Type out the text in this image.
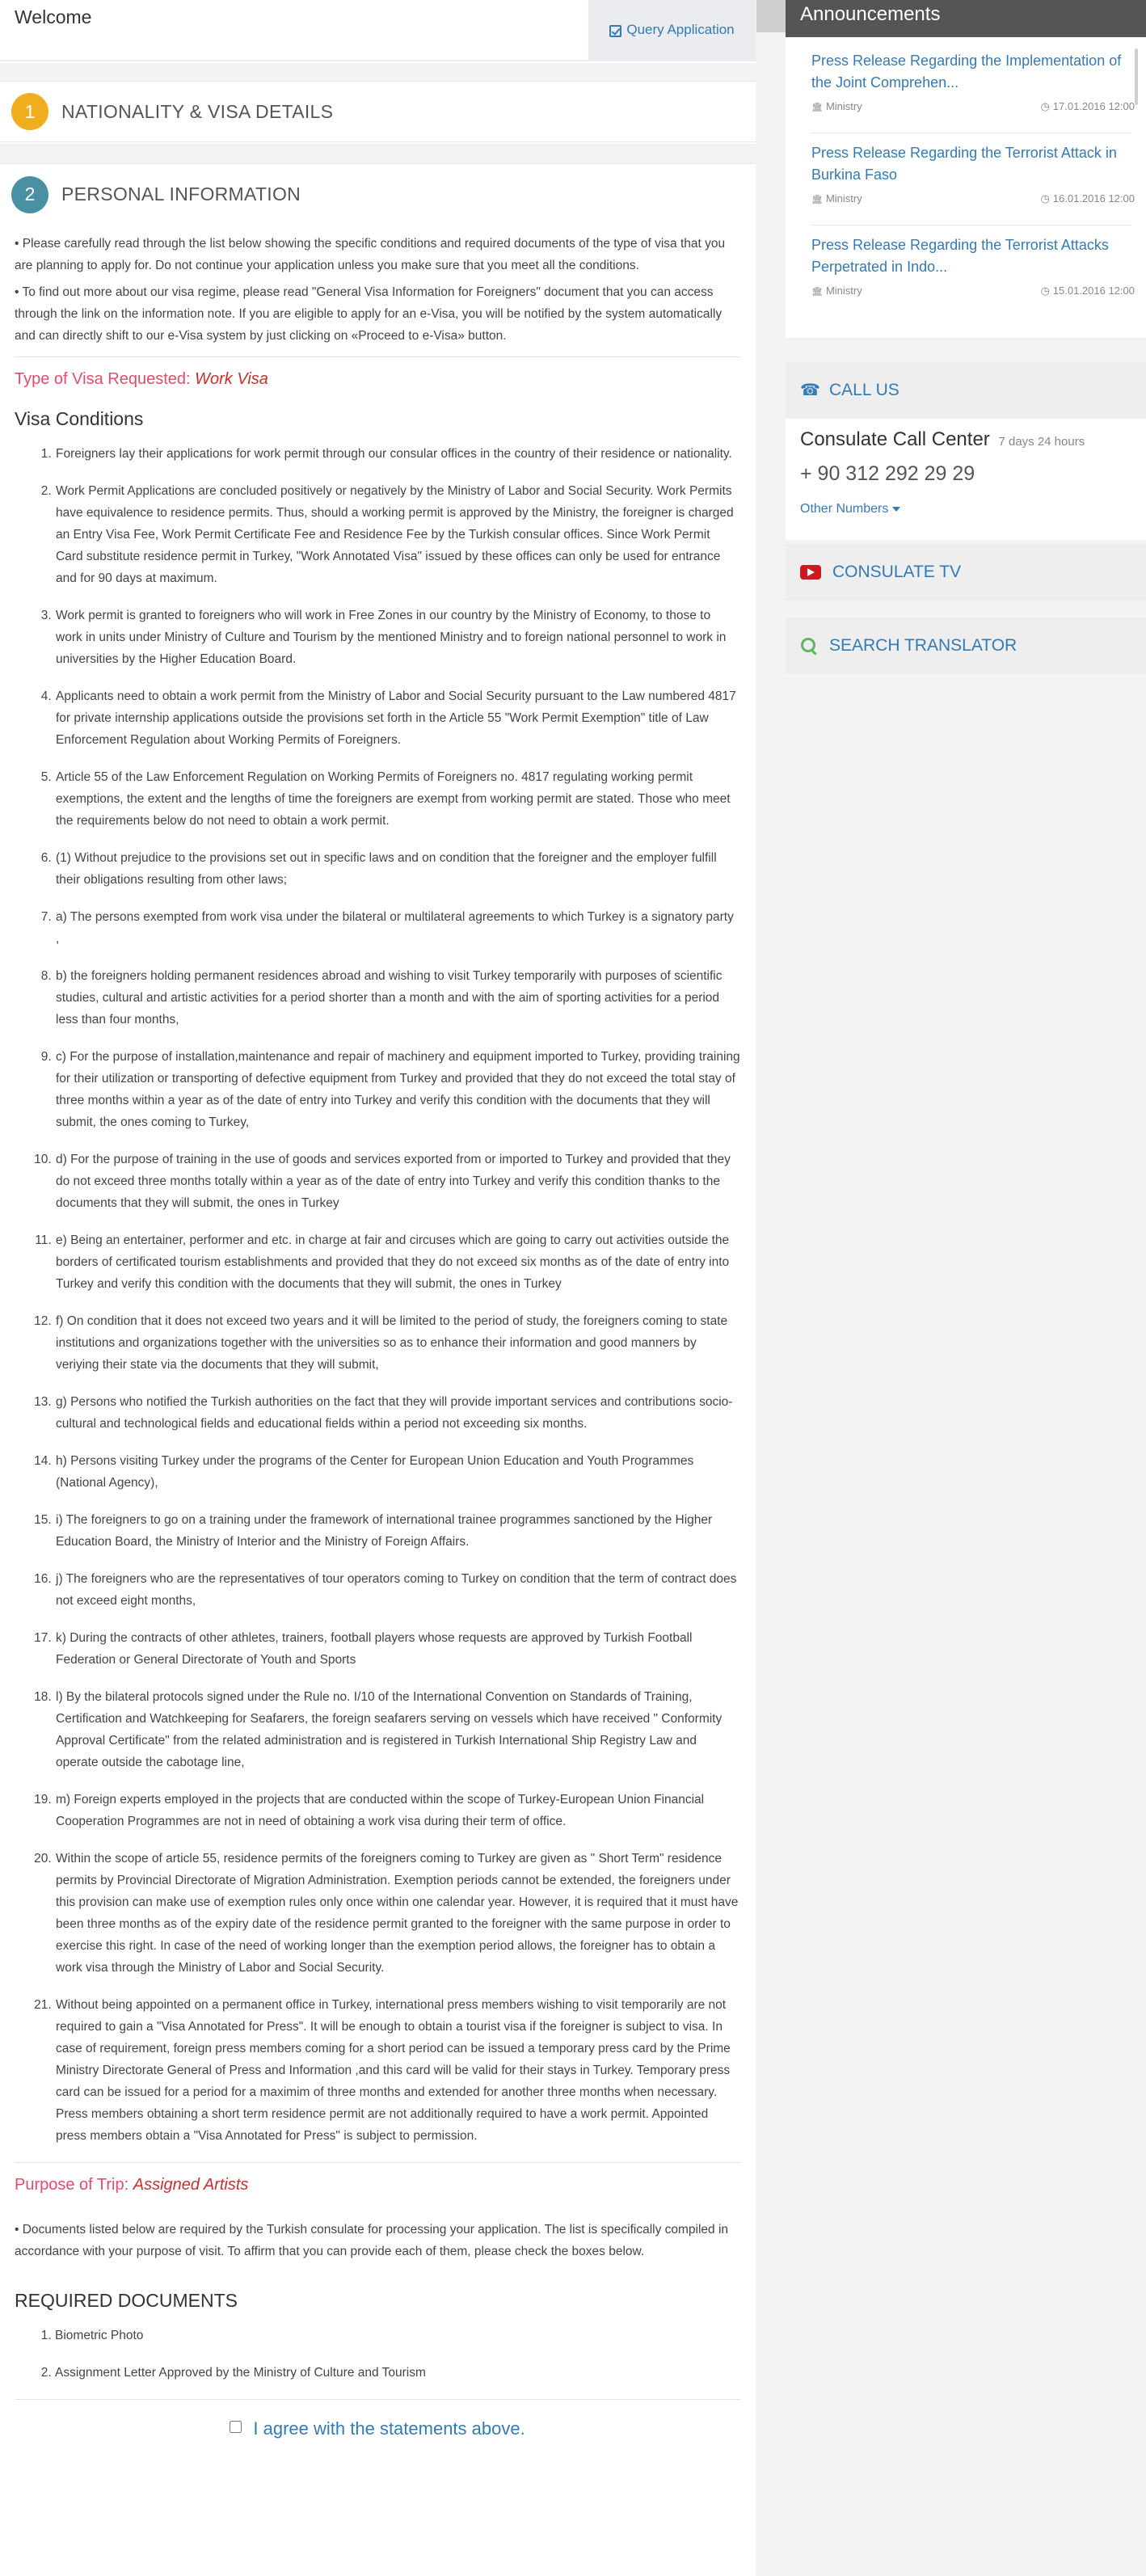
Welcome
Query Application
1	NATIONALITY & VISA DETAILS
2	PERSONAL INFORMATION

• Please carefully read through the list below showing the specific conditions and required documents of the type of visa that you are planning to apply for. Do not continue your application unless you make sure that you meet all the conditions.

• To find out more about our visa regime, please read "General Visa Information for Foreigners" document that you can access through the link on the information note. If you are eligible to apply for an e-Visa, you will be notified by the system automatically and can directly shift to our e-Visa system by just clicking on «Proceed to e-Visa» button.

Type of Visa Requested: Work Visa
Visa Conditions
1. Foreigners lay their applications for work permit through our consular offices in the country of their residence or nationality.
2. Work Permit Applications are concluded positively or negatively by the Ministry of Labor and Social Security. Work Permits have equivalence to residence permits. Thus, should a working permit is approved by the Ministry, the foreigner is charged an Entry Visa Fee, Work Permit Certificate Fee and Residence Fee by the Turkish consular offices. Since Work Permit Card substitute residence permit in Turkey, "Work Annotated Visa" issued by these offices can only be used for entrance and for 90 days at maximum.
3. Work permit is granted to foreigners who will work in Free Zones in our country by the Ministry of Economy, to those to work in units under Ministry of Culture and Tourism by the mentioned Ministry and to foreign national personnel to work in universities by the Higher Education Board.
4. Applicants need to obtain a work permit from the Ministry of Labor and Social Security pursuant to the Law numbered 4817 for private internship applications outside the provisions set forth in the Article 55 "Work Permit Exemption" title of Law Enforcement Regulation about Working Permits of Foreigners.
5. Article 55 of the Law Enforcement Regulation on Working Permits of Foreigners no. 4817 regulating working permit exemptions, the extent and the lengths of time the foreigners are exempt from working permit are stated. Those who meet the requirements below do not need to obtain a work permit.
6. (1) Without prejudice to the provisions set out in specific laws and on condition that the foreigner and the employer fulfill their obligations resulting from other laws;
7. a) The persons exempted from work visa under the bilateral or multilateral agreements to which Turkey is a signatory party ,
8. b) the foreigners holding permanent residences abroad and wishing to visit Turkey temporarily with purposes of scientific studies, cultural and artistic activities for a period shorter than a month and with the aim of sporting activities for a period less than four months,
9. c) For the purpose of installation,maintenance and repair of machinery and equipment imported to Turkey, providing training for their utilization or transporting of defective equipment from Turkey and provided that they do not exceed the total stay of three months within a year as of the date of entry into Turkey and verify this condition with the documents that they will submit, the ones coming to Turkey,
10. d) For the purpose of training in the use of goods and services exported from or imported to Turkey and provided that they do not exceed three months totally within a year as of the date of entry into Turkey and verify this condition thanks to the documents that they will submit, the ones in Turkey
11. e) Being an entertainer, performer and etc. in charge at fair and circuses which are going to carry out activities outside the borders of certificated tourism establishments and provided that they do not exceed six months as of the date of entry into Turkey and verify this condition with the documents that they will submit, the ones in Turkey
12. f) On condition that it does not exceed two years and it will be limited to the period of study, the foreigners coming to state institutions and organizations together with the universities so as to enhance their information and good manners by veriying their state via the documents that they will submit,
13. g) Persons who notified the Turkish authorities on the fact that they will provide important services and contributions socio-cultural and technological fields and educational fields within a period not exceeding six months.
14. h) Persons visiting Turkey under the programs of the Center for European Union Education and Youth Programmes (National Agency),
15. i) The foreigners to go on a training under the framework of international trainee programmes sanctioned by the Higher Education Board, the Ministry of Interior and the Ministry of Foreign Affairs.
16. j) The foreigners who are the representatives of tour operators coming to Turkey on condition that the term of contract does not exceed eight months,
17. k) During the contracts of other athletes, trainers, football players whose requests are approved by Turkish Football Federation or General Directorate of Youth and Sports
18. l) By the bilateral protocols signed under the Rule no. I/10 of the International Convention on Standards of Training, Certification and Watchkeeping for Seafarers, the foreign seafarers serving on vessels which have received " Conformity Approval Certificate" from the related administration and is registered in Turkish International Ship Registry Law and operate outside the cabotage line,
19. m) Foreign experts employed in the projects that are conducted within the scope of Turkey-European Union Financial Cooperation Programmes are not in need of obtaining a work visa during their term of office.
20. Within the scope of article 55, residence permits of the foreigners coming to Turkey are given as " Short Term" residence permits by Provincial Directorate of Migration Administration. Exemption periods cannot be extended, the foreigners under this provision can make use of exemption rules only once within one calendar year. However, it is required that it must have been three months as of the expiry date of the residence permit granted to the foreigner with the same purpose in order to exercise this right. In case of the need of working longer than the exemption period allows, the foreigner has to obtain a work visa through the Ministry of Labor and Social Security.
21. Without being appointed on a permanent office in Turkey, international press members wishing to visit temporarily are not required to gain a "Visa Annotated for Press". It will be enough to obtain a tourist visa if the foreigner is subject to visa. In case of requirement, foreign press members coming for a short period can be issued a temporary press card by the Prime Ministry Directorate General of Press and Information ,and this card will be valid for their stays in Turkey. Temporary press card can be issued for a period for a maximim of three months and extended for another three months when necessary. Press members obtaining a short term residence permit are not additionally required to have a work permit. Appointed press members obtain a "Visa Annotated for Press" is subject to permission.
Purpose of Trip: Assigned Artists

• Documents listed below are required by the Turkish consulate for processing your application. The list is specifically compiled in accordance with your purpose of visit. To affirm that you can provide each of them, please check the boxes below.

REQUIRED DOCUMENTS
1. Biometric Photo
2. Assignment Letter Approved by the Ministry of Culture and Tourism
I agree with the statements above.
Announcements
Press Release Regarding the Implementation of the Joint Comprehen...
🏛 Ministry	◷ 17.01.2016 12:00
Press Release Regarding the Terrorist Attack in Burkina Faso
🏛 Ministry	◷ 16.01.2016 12:00
Press Release Regarding the Terrorist Attacks Perpetrated in Indo...
🏛 Ministry	◷ 15.01.2016 12:00
☎
CALL US
Consulate Call Center 7 days 24 hours
+ 90 312 292 29 29
Other Numbers
CONSULATE TV
SEARCH TRANSLATOR
